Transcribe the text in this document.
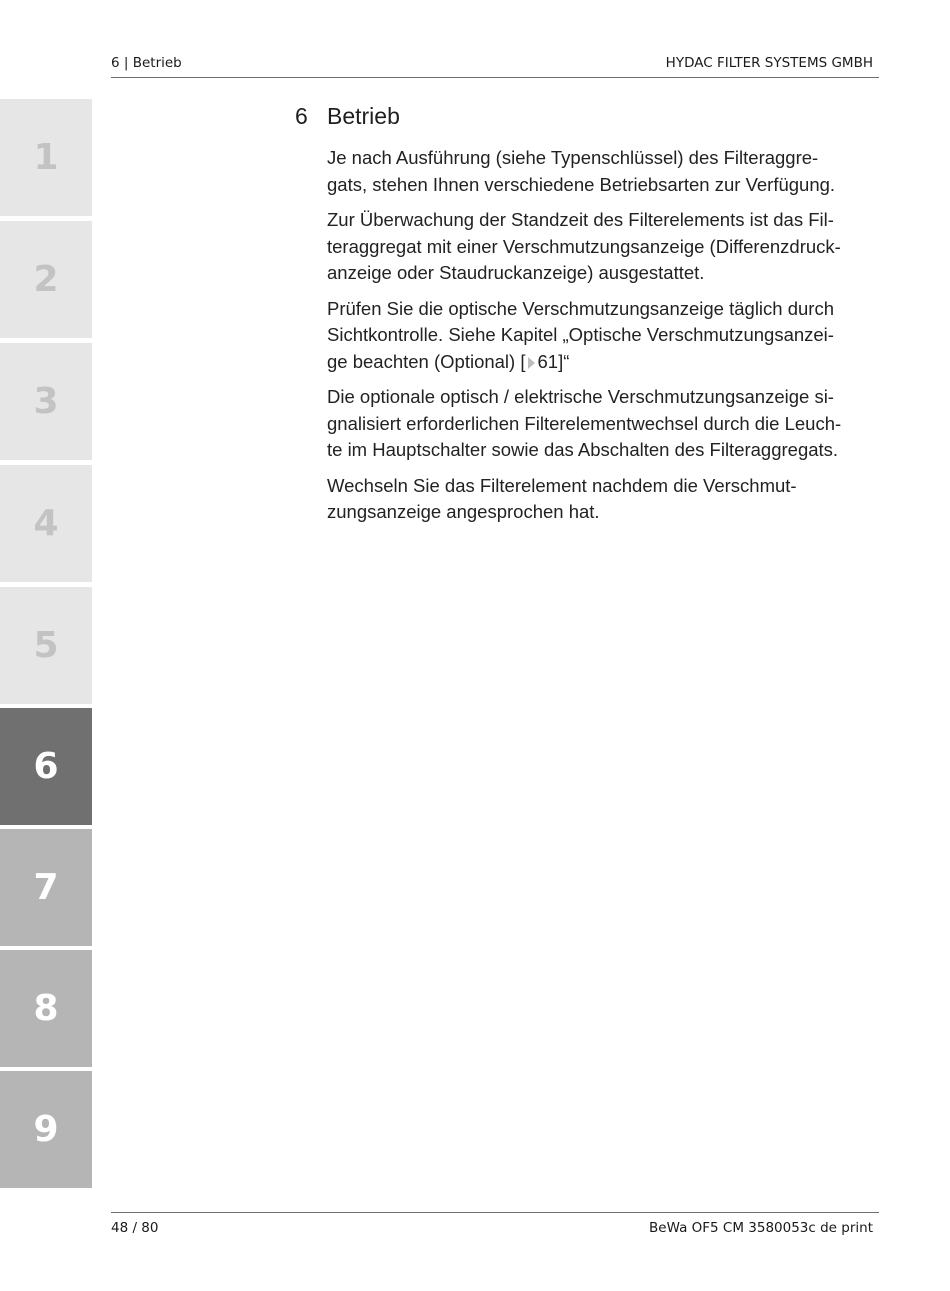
6 | Betrieb	HYDAC FILTER SYSTEMS GMBH
1
2
3
4
5
6
7
8
9
6 Betrieb

Je nach Ausführung (siehe Typenschlüssel) des Filteraggre-
gats, stehen Ihnen verschiedene Betriebsarten zur Verfügung.

Zur Überwachung der Standzeit des Filterelements ist das Fil-
teraggregat mit einer Verschmutzungsanzeige (Differenzdruck-
anzeige oder Staudruckanzeige) ausgestattet.

Prüfen Sie die optische Verschmutzungsanzeige täglich durch
Sichtkontrolle. Siehe Kapitel „Optische Verschmutzungsanzei-
ge beachten (Optional) [ 61]“

Die optionale optisch / elektrische Verschmutzungsanzeige si-
gnalisiert erforderlichen Filterelementwechsel durch die Leuch-
te im Hauptschalter sowie das Abschalten des Filteraggregats.

Wechseln Sie das Filterelement nachdem die Verschmut-
zungsanzeige angesprochen hat.

48 / 80	BeWa OF5 CM 3580053c de print
